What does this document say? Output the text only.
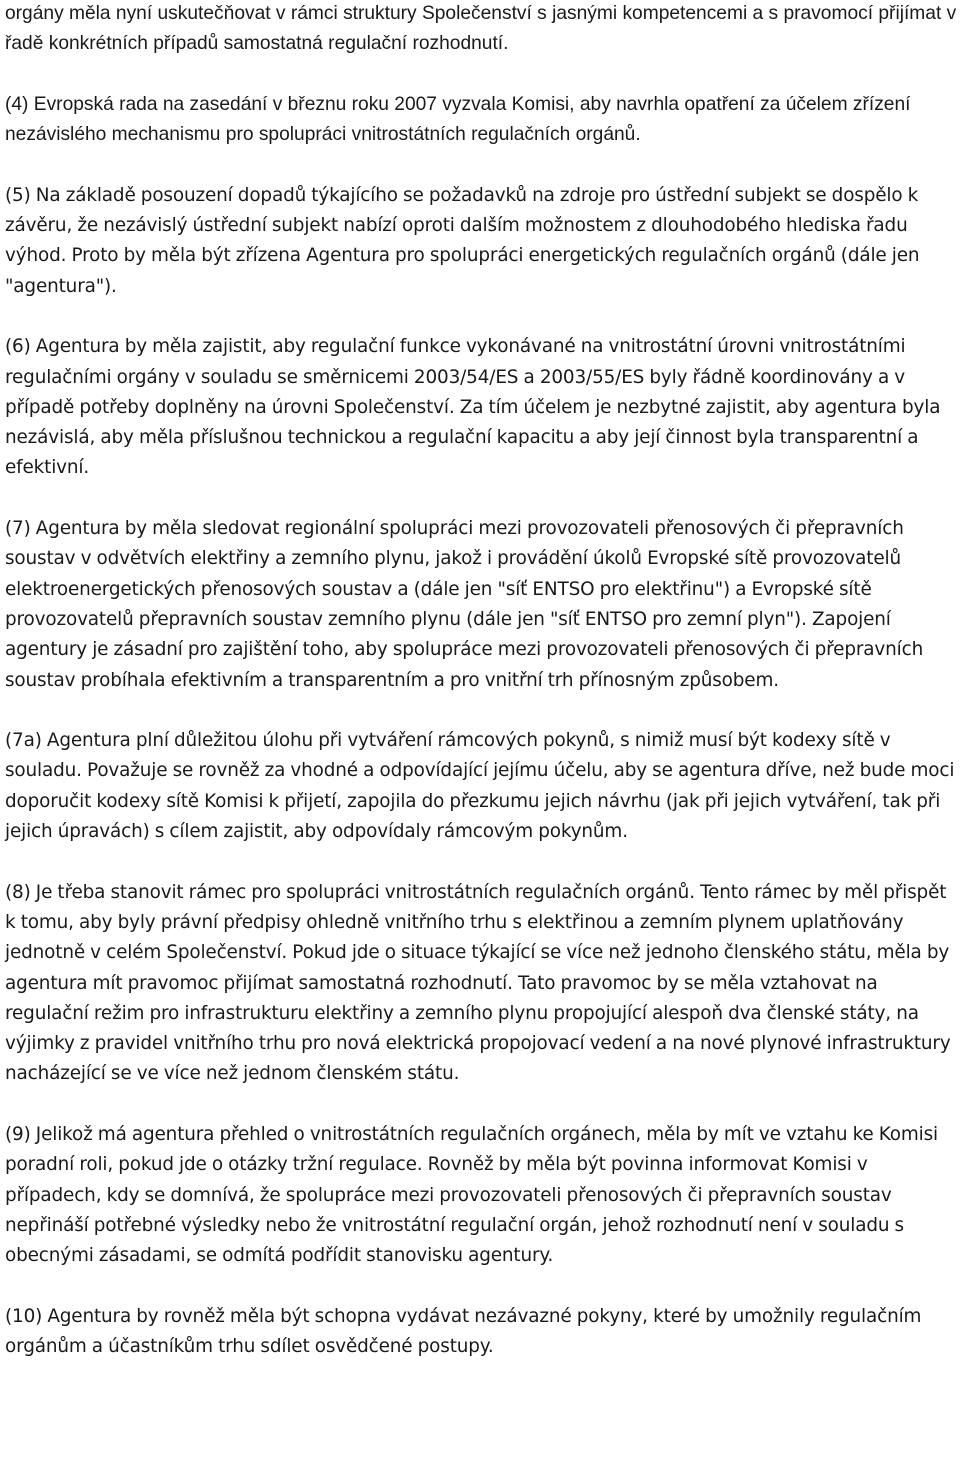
orgány měla nyní uskutečňovat v rámci struktury Společenství s jasnými kompetencemi a s pravomocí přijímat v řadě konkrétních případů samostatná regulační rozhodnutí.

(4) Evropská rada na zasedání v březnu roku 2007 vyzvala Komisi, aby navrhla opatření za účelem zřízení nezávislého mechanismu pro spolupráci vnitrostátních regulačních orgánů.

(5) Na základě posouzení dopadů týkajícího se požadavků na zdroje pro ústřední subjekt se dospělo k závěru, že nezávislý ústřední subjekt nabízí oproti dalším možnostem z dlouhodobého hlediska řadu výhod. Proto by měla být zřízena Agentura pro spolupráci energetických regulačních orgánů (dále jen "agentura").

(6) Agentura by měla zajistit, aby regulační funkce vykonávané na vnitrostátní úrovni vnitrostátními regulačními orgány v souladu se směrnicemi 2003/54/ES a 2003/55/ES byly řádně koordinovány a v případě potřeby doplněny na úrovni Společenství. Za tím účelem je nezbytné zajistit, aby agentura byla nezávislá, aby měla příslušnou technickou a regulační kapacitu a aby její činnost byla transparentní a efektivní.

(7) Agentura by měla sledovat regionální spolupráci mezi provozovateli přenosových či přepravních soustav v odvětvích elektřiny a zemního plynu, jakož i provádění úkolů Evropské sítě provozovatelů elektroenergetických přenosových soustav a (dále jen "síť ENTSO pro elektřinu") a Evropské sítě provozovatelů přepravních soustav zemního plynu (dále jen "síť ENTSO pro zemní plyn"). Zapojení agentury je zásadní pro zajištění toho, aby spolupráce mezi provozovateli přenosových či přepravních soustav probíhala efektivním a transparentním a pro vnitřní trh přínosným způsobem.

(7a) Agentura plní důležitou úlohu při vytváření rámcových pokynů, s nimiž musí být kodexy sítě v souladu. Považuje se rovněž za vhodné a odpovídající jejímu účelu, aby se agentura dříve, než bude moci doporučit kodexy sítě Komisi k přijetí, zapojila do přezkumu jejich návrhu (jak při jejich vytváření, tak při jejich úpravách) s cílem zajistit, aby odpovídaly rámcovým pokynům.

(8) Je třeba stanovit rámec pro spolupráci vnitrostátních regulačních orgánů. Tento rámec by měl přispět k tomu, aby byly právní předpisy ohledně vnitřního trhu s elektřinou a zemním plynem uplatňovány jednotně v celém Společenství. Pokud jde o situace týkající se více než jednoho členského státu, měla by agentura mít pravomoc přijímat samostatná rozhodnutí. Tato pravomoc by se měla vztahovat na regulační režim pro infrastrukturu elektřiny a zemního plynu propojující alespoň dva členské státy, na výjimky z pravidel vnitřního trhu pro nová elektrická propojovací vedení a na nové plynové infrastruktury nacházející se ve více než jednom členském státu.

(9) Jelikož má agentura přehled o vnitrostátních regulačních orgánech, měla by mít ve vztahu ke Komisi poradní roli, pokud jde o otázky tržní regulace. Rovněž by měla být povinna informovat Komisi v případech, kdy se domnívá, že spolupráce mezi provozovateli přenosových či přepravních soustav nepřináší potřebné výsledky nebo že vnitrostátní regulační orgán, jehož rozhodnutí není v souladu s obecnými zásadami, se odmítá podřídit stanovisku agentury.

(10) Agentura by rovněž měla být schopna vydávat nezávazné pokyny, které by umožnily regulačním orgánům a účastníkům trhu sdílet osvědčené postupy.
